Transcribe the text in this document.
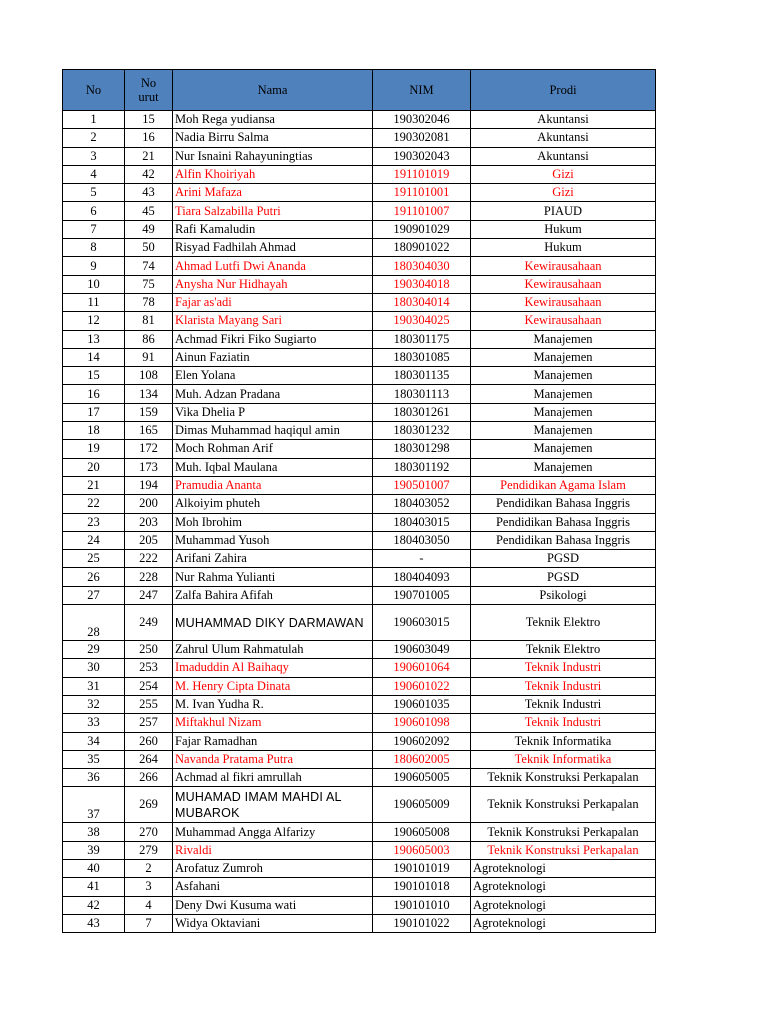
No	No urut	Nama	NIM	Prodi
1	15	Moh Rega yudiansa	190302046	Akuntansi
2	16	Nadia Birru Salma	190302081	Akuntansi
3	21	Nur Isnaini Rahayuningtias	190302043	Akuntansi
4	42	Alfin Khoiriyah	191101019	Gizi
5	43	Arini Mafaza	191101001	Gizi
6	45	Tiara Salzabilla Putri	191101007	PIAUD
7	49	Rafi Kamaludin	190901029	Hukum
8	50	Risyad Fadhilah Ahmad	180901022	Hukum
9	74	Ahmad Lutfi Dwi Ananda	180304030	Kewirausahaan
10	75	Anysha Nur Hidhayah	190304018	Kewirausahaan
11	78	Fajar as'adi	180304014	Kewirausahaan
12	81	Klarista Mayang Sari	190304025	Kewirausahaan
13	86	Achmad Fikri Fiko Sugiarto	180301175	Manajemen
14	91	Ainun Faziatin	180301085	Manajemen
15	108	Elen Yolana	180301135	Manajemen
16	134	Muh. Adzan Pradana	180301113	Manajemen
17	159	Vika Dhelia P	180301261	Manajemen
18	165	Dimas Muhammad haqiqul amin	180301232	Manajemen
19	172	Moch Rohman Arif	180301298	Manajemen
20	173	Muh. Iqbal Maulana	180301192	Manajemen
21	194	Pramudia Ananta	190501007	Pendidikan Agama Islam
22	200	Alkoiyim phuteh	180403052	Pendidikan Bahasa Inggris
23	203	Moh Ibrohim	180403015	Pendidikan Bahasa Inggris
24	205	Muhammad Yusoh	180403050	Pendidikan Bahasa Inggris
25	222	Arifani Zahira	-	PGSD
26	228	Nur Rahma Yulianti	180404093	PGSD
27	247	Zalfa Bahira Afifah	190701005	Psikologi
28	249	MUHAMMAD DIKY DARMAWAN	190603015	Teknik Elektro
29	250	Zahrul Ulum Rahmatulah	190603049	Teknik Elektro
30	253	Imaduddin Al Baihaqy	190601064	Teknik Industri
31	254	M. Henry Cipta Dinata	190601022	Teknik Industri
32	255	M. Ivan Yudha R.	190601035	Teknik Industri
33	257	Miftakhul Nizam	190601098	Teknik Industri
34	260	Fajar Ramadhan	190602092	Teknik Informatika
35	264	Navanda Pratama Putra	180602005	Teknik Informatika
36	266	Achmad al fikri amrullah	190605005	Teknik Konstruksi Perkapalan
37	269	MUHAMAD IMAM MAHDI AL MUBAROK	190605009	Teknik Konstruksi Perkapalan
38	270	Muhammad Angga Alfarizy	190605008	Teknik Konstruksi Perkapalan
39	279	Rivaldi	190605003	Teknik Konstruksi Perkapalan
40	2	Arofatuz Zumroh	190101019	Agroteknologi
41	3	Asfahani	190101018	Agroteknologi
42	4	Deny Dwi Kusuma wati	190101010	Agroteknologi
43	7	Widya Oktaviani	190101022	Agroteknologi
